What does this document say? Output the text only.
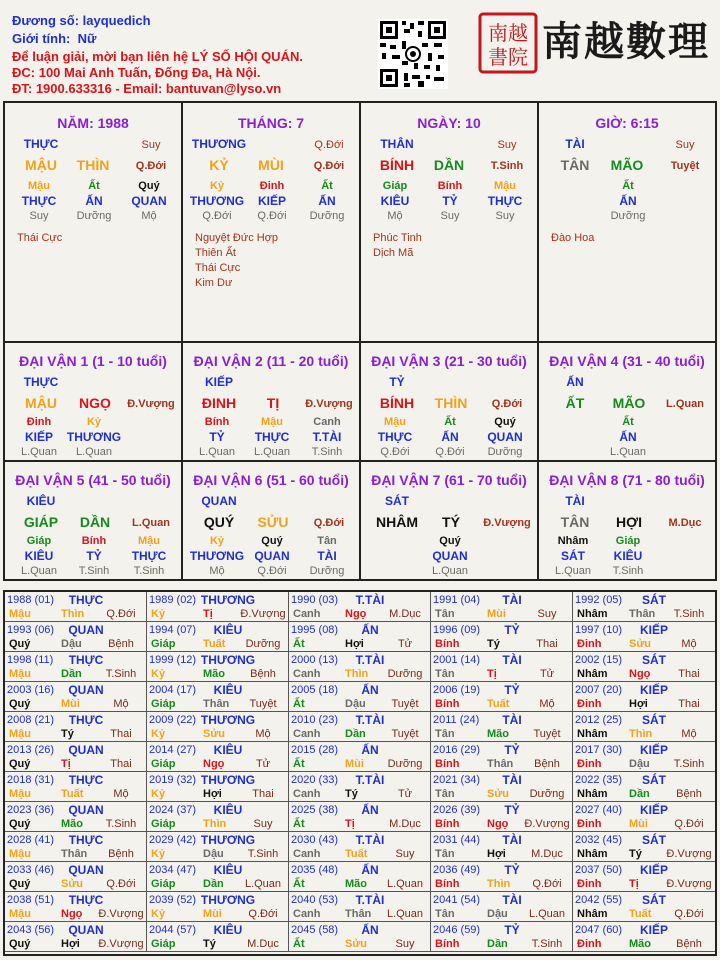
Đương số: layquedich
Giới tính: Nữ
Để luận giải, mời bạn liên hệ LÝ SỐ HỘI QUÁN.
ĐC: 100 Mai Anh Tuấn, Đống Đa, Hà Nội.
ĐT: 1900.633316 - Email: bantuvan@lyso.vn
南越
書院 南越數理
NĂM: 1988
THỰC	Suy
MẬU	THÌN	Q.Đới
Mậu
THỰC
Suy
Ất
ẤN
Dưỡng
Quý
QUAN
Mộ
Thái Cực
THÁNG: 7
THƯƠNG	Q.Đới
KỶ	MÙI	Q.Đới
Kỷ
THƯƠNG
Q.Đới
Đinh
KIẾP
Q.Đới
Ất
ẤN
Dưỡng
Nguyệt Đức Hợp
Thiên Ất
Thái Cực
Kim Dư
NGÀY: 10
THÂN	Suy
BÍNH	DẦN	T.Sinh
Giáp
KIÊU
Mộ
Bính
TỶ
Suy
Mậu
THỰC
Suy
Phúc Tinh
Dịch Mã
GIỜ: 6:15
TÀI	Suy
TÂN	MÃO	Tuyệt
Ất
ẤN
Dưỡng
Đào Hoa
ĐẠI VẬN 1 (1 - 10 tuổi)
THỰC
MẬU	NGỌ	Đ.Vượng
Đinh
KIẾP
L.Quan
Kỷ
THƯƠNG
L.Quan
ĐẠI VẬN 2 (11 - 20 tuổi)
KIẾP
ĐINH	TỊ	Đ.Vượng
Bính
TỶ
L.Quan
Mậu
THỰC
L.Quan
Canh
T.TÀI
T.Sinh
ĐẠI VẬN 3 (21 - 30 tuổi)
TỶ
BÍNH	THÌN	Q.Đới
Mậu
THỰC
Q.Đới
Ất
ẤN
Q.Đới
Quý
QUAN
Dưỡng
ĐẠI VẬN 4 (31 - 40 tuổi)
ẤN
ẤT	MÃO	L.Quan
Ất
ẤN
L.Quan
ĐẠI VẬN 5 (41 - 50 tuổi)
KIÊU
GIÁP	DẦN	L.Quan
Giáp
KIÊU
L.Quan
Bính
TỶ
T.Sinh
Mậu
THỰC
T.Sinh
ĐẠI VẬN 6 (51 - 60 tuổi)
QUAN
QUÝ	SỬU	Q.Đới
Kỷ
THƯƠNG
Mộ
Quý
QUAN
Q.Đới
Tân
TÀI
Dưỡng
ĐẠI VẬN 7 (61 - 70 tuổi)
SÁT
NHÂM	TÝ	Đ.Vượng
Quý
QUAN
L.Quan
ĐẠI VẬN 8 (71 - 80 tuổi)
TÀI
TÂN	HỢI	M.Dục
Nhâm
SÁT
L.Quan
Giáp
KIÊU
T.Sinh
1988 (01)	THỰC
Mậu	Thìn	Q.Đới
1989 (02) THƯƠNG
Kỷ	Tị	Đ.Vượng
1990 (03)	T.TÀI
Canh Ngọ	M.Dục
1991 (04)	TÀI
Tân	Mùi	Suy
1992 (05)	SÁT
Nhâm Thân	T.Sinh
1993 (06)	QUAN
Quý	Dậu	Bệnh
1994 (07)	KIÊU
Giáp	Tuất	Dưỡng
1995 (08)	ẤN
Ất	Hợi	Tử
1996 (09)	TỶ
Bính	Tý	Thai
1997 (10)	KIẾP
Đinh	Sửu	Mộ
1998 (11)	THỰC
Mậu	Dần	T.Sinh
1999 (12) THƯƠNG
Kỷ	Mão	Bệnh
2000 (13)	T.TÀI
Canh Thìn	Dưỡng
2001 (14)	TÀI
Tân	Tị	Tử
2002 (15)	SÁT
Nhâm Ngọ	Thai
2003 (16)	QUAN
Quý	Mùi	Mộ
2004 (17)	KIÊU
Giáp	Thân	Tuyệt
2005 (18)	ẤN
Ất	Dậu	Tuyệt
2006 (19)	TỶ
Bính	Tuất	Mộ
2007 (20)	KIẾP
Đinh	Hợi	Thai
2008 (21)	THỰC
Mậu	Tý	Thai
2009 (22) THƯƠNG
Kỷ	Sửu	Mộ
2010 (23)	T.TÀI
Canh Dần	Tuyệt
2011 (24)	TÀI
Tân	Mão	Tuyệt
2012 (25)	SÁT
Nhâm Thìn	Mộ
2013 (26)	QUAN
Quý	Tị	Thai
2014 (27)	KIÊU
Giáp	Ngọ	Tử
2015 (28)	ẤN
Ất	Mùi	Dưỡng
2016 (29)	TỶ
Bính	Thân	Bệnh
2017 (30)	KIẾP
Đinh	Dậu	T.Sinh
2018 (31)	THỰC
Mậu	Tuất	Mộ
2019 (32) THƯƠNG
Kỷ	Hợi	Thai
2020 (33)	T.TÀI
Canh Tý	Tử
2021 (34)	TÀI
Tân	Sửu	Dưỡng
2022 (35)	SÁT
Nhâm Dần	Bệnh
2023 (36)	QUAN
Quý	Mão	T.Sinh
2024 (37)	KIÊU
Giáp	Thìn	Suy
2025 (38)	ẤN
Ất	Tị	M.Dục
2026 (39)	TỶ
Bính	Ngọ Đ.Vượng
2027 (40)	KIẾP
Đinh	Mùi	Q.Đới
2028 (41)	THỰC
Mậu	Thân	Bệnh
2029 (42) THƯƠNG
Kỷ	Dậu	T.Sinh
2030 (43)	T.TÀI
Canh Tuất	Suy
2031 (44)	TÀI
Tân	Hợi	M.Dục
2032 (45)	SÁT
Nhâm Tý Đ.Vượng
2033 (46)	QUAN
Quý	Sửu	Q.Đới
2034 (47)	KIÊU
Giáp	Dần	L.Quan
2035 (48)	ẤN
Ất	Mão	L.Quan
2036 (49)	TỶ
Bính	Thìn	Q.Đới
2037 (50)	KIẾP
Đinh	Tị	Đ.Vượng
2038 (51)	THỰC
Mậu	Ngọ Đ.Vượng
2039 (52) THƯƠNG
Kỷ	Mùi	Q.Đới
2040 (53)	T.TÀI
Canh Thân	L.Quan
2041 (54)	TÀI
Tân	Dậu	L.Quan
2042 (55)	SÁT
Nhâm Tuất	Q.Đới
2043 (56)	QUAN
Quý	Hợi Đ.Vượng
2044 (57)	KIÊU
Giáp	Tý	M.Dục
2045 (58)	ẤN
Ất	Sửu	Suy
2046 (59)	TỶ
Bính	Dần	T.Sinh
2047 (60)	KIẾP
Đinh	Mão	Bệnh
